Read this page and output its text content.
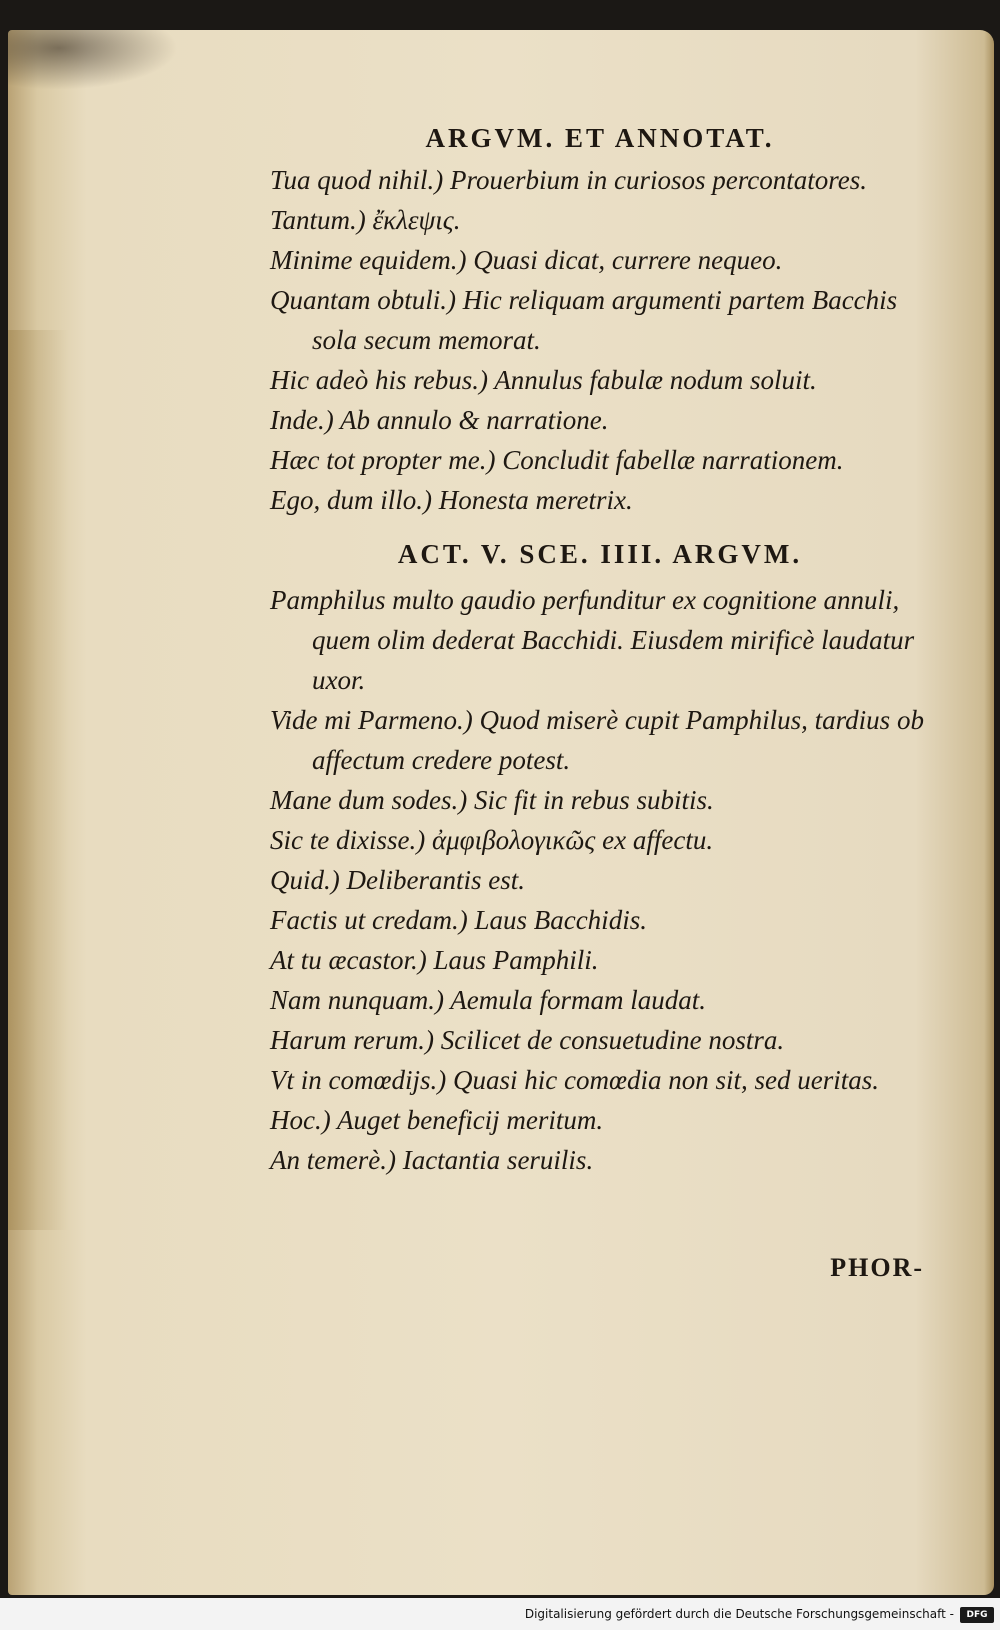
ARGVM. ET ANNOTAT.

Tua quod nihil.) Prouerbium in curiosos percontatores.

Tantum.) ἔκλεψις.

Minime equidem.) Quasi dicat, currere nequeo.

Quantam obtuli.) Hic reliquam argumenti partem Bacchis sola secum memorat.

Hic adeò his rebus.) Annulus fabulæ nodum soluit.

Inde.) Ab annulo & narratione.

Hæc tot propter me.) Concludit fabellæ narrationem.

Ego, dum illo.) Honesta meretrix.

ACT. V. SCE. IIII. ARGVM.

Pamphilus multo gaudio perfunditur ex cognitione annuli, quem olim dederat Bacchidi. Eiusdem mirificè laudatur uxor.

Vide mi Parmeno.) Quod miserè cupit Pamphilus, tardius ob affectum credere potest.

Mane dum sodes.) Sic fit in rebus subitis.

Sic te dixisse.) ἀμφιβολογικῶς ex affectu.

Quid.) Deliberantis est.

Factis ut credam.) Laus Bacchidis.

At tu æcastor.) Laus Pamphili.

Nam nunquam.) Aemula formam laudat.

Harum rerum.) Scilicet de consuetudine nostra.

Vt in comœdijs.) Quasi hic comœdia non sit, sed ueritas.

Hoc.) Auget beneficij meritum.

An temerè.) Iactantia seruilis.

PHOR-
Digitalisierung gefördert durch die Deutsche Forschungsgemeinschaft -	DFG
